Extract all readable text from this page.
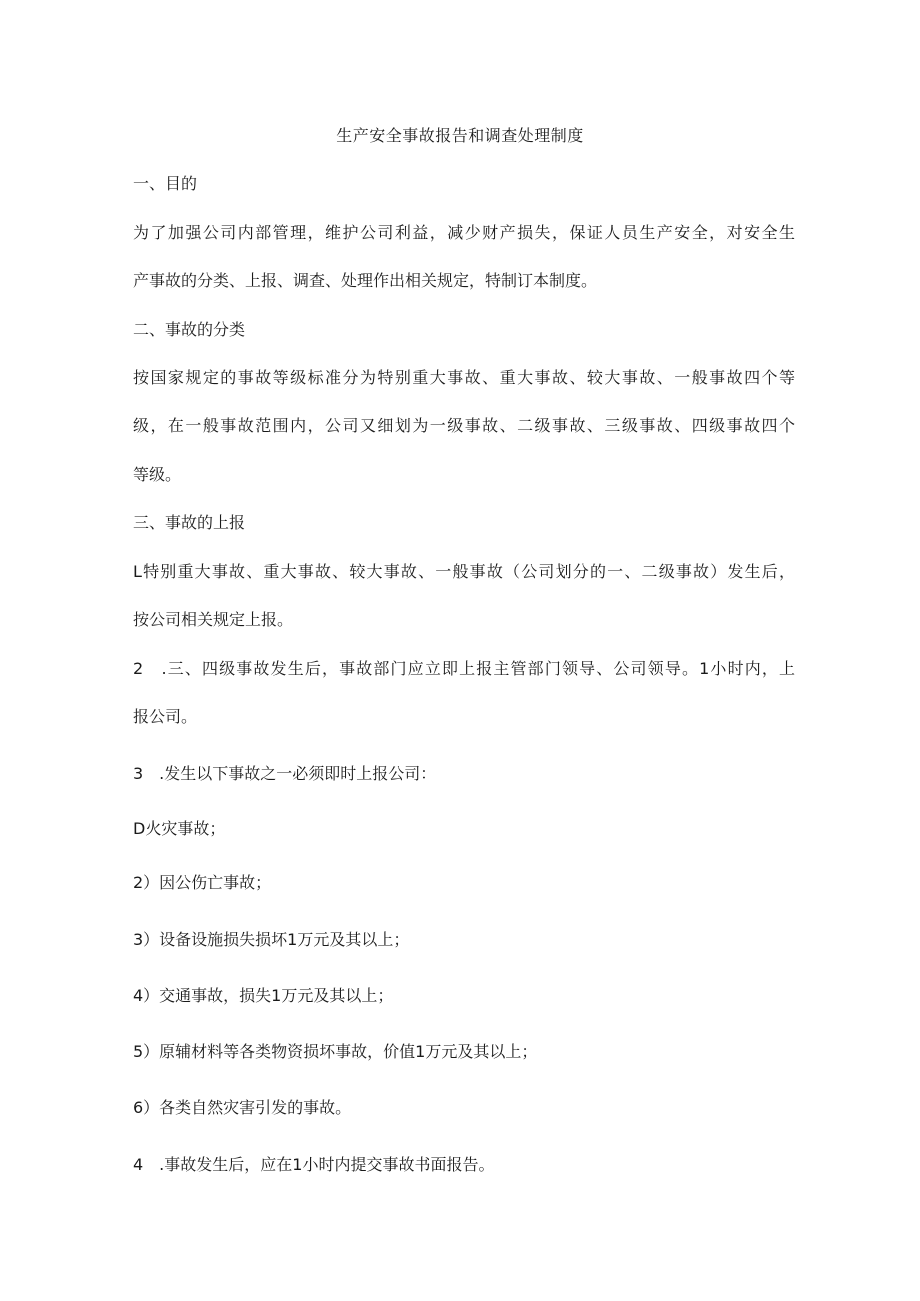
生产安全事故报告和调查处理制度
一、目的
为了加强公司内部管理，维护公司利益，减少财产损失，保证人员生产安全，对安全生
产事故的分类、上报、调查、处理作出相关规定，特制订本制度。
二、事故的分类
按国家规定的事故等级标准分为特别重大事故、重大事故、较大事故、一般事故四个等
级，在一般事故范围内，公司又细划为一级事故、二级事故、三级事故、四级事故四个
等级。
三、事故的上报
L特别重大事故、重大事故、较大事故、一般事故（公司划分的一、二级事故）发生后，
按公司相关规定上报。
2　.三、四级事故发生后，事故部门应立即上报主管部门领导、公司领导。1小时内，上
报公司。
3　.发生以下事故之一必须即时上报公司：
D火灾事故；
2）因公伤亡事故；
3）设备设施损失损坏1万元及其以上；
4）交通事故，损失1万元及其以上；
5）原辅材料等各类物资损坏事故，价值1万元及其以上；
6）各类自然灾害引发的事故。
4　.事故发生后，应在1小时内提交事故书面报告。
